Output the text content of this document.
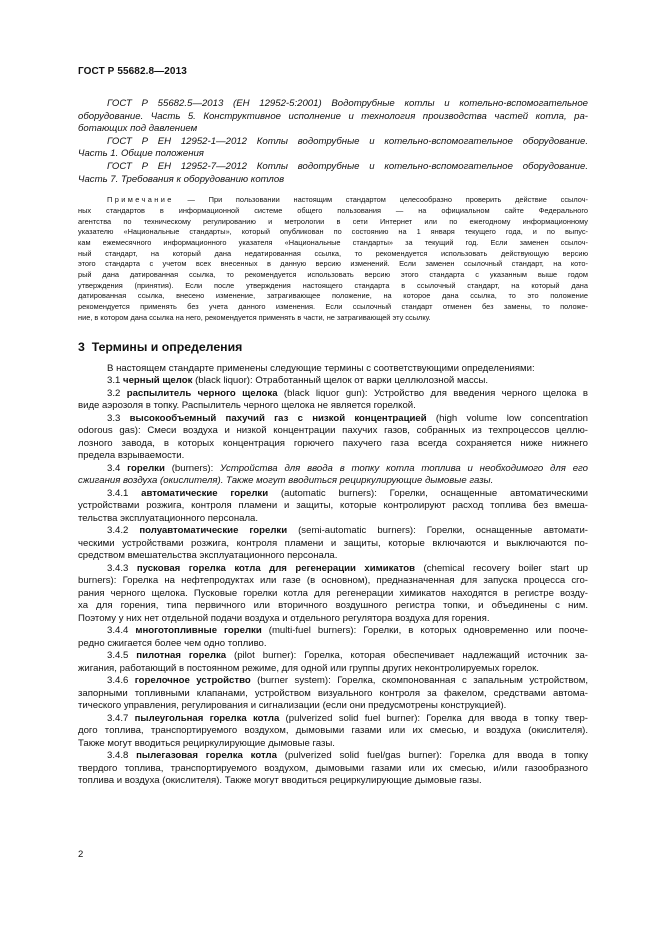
ГОСТ Р 55682.8—2013
ГОСТ Р 55682.5—2013 (ЕН 12952-5:2001) Водотрубные котлы и котельно-вспомогательное
оборудование. Часть 5. Конструктивное исполнение и технология производства частей котла, ра-
ботающих под давлением
ГОСТ Р ЕН 12952-1—2012 Котлы водотрубные и котельно-вспомогательное оборудование.
Часть 1. Общие положения
ГОСТ Р ЕН 12952-7—2012 Котлы водотрубные и котельно-вспомогательное оборудование.
Часть 7. Требования к оборудованию котлов
Примечание — При пользовании настоящим стандартом целесообразно проверить действие ссылоч-
ных стандартов в информационной системе общего пользования — на официальном сайте Федерального
агентства по техническому регулированию и метрологии в сети Интернет или по ежегодному информационному
указателю «Национальные стандарты», который опубликован по состоянию на 1 января текущего года, и по выпус-
кам ежемесячного информационного указателя «Национальные стандарты» за текущий год. Если заменен ссылоч-
ный стандарт, на который дана недатированная ссылка, то рекомендуется использовать действующую версию
этого стандарта с учетом всех внесенных в данную версию изменений. Если заменен ссылочный стандарт, на кото-
рый дана датированная ссылка, то рекомендуется использовать версию этого стандарта с указанным выше годом
утверждения (принятия). Если после утверждения настоящего стандарта в ссылочный стандарт, на который дана
датированная ссылка, внесено изменение, затрагивающее положение, на которое дана ссылка, то это положение
рекомендуется применять без учета данного изменения. Если ссылочный стандарт отменен без замены, то положе-
ние, в котором дана ссылка на него, рекомендуется применять в части, не затрагивающей эту ссылку.
3 Термины и определения
В настоящем стандарте применены следующие термины с соответствующими определениями:
3.1 черный щелок (black liquor): Отработанный щелок от варки целлюлозной массы.
3.2 распылитель черного щелока (black liquor gun): Устройство для введения черного щелока в
виде аэрозоля в топку. Распылитель черного щелока не является горелкой.
3.3 высокообъемный пахучий газ с низкой концентрацией (high volume low concentration
odorous gas): Смеси воздуха и низкой концентрации пахучих газов, собранных из техпроцессов целлю-
лозного завода, в которых концентрация горючего пахучего газа всегда сохраняется ниже нижнего
предела взрываемости.
3.4 горелки (burners): Устройства для ввода в топку котла топлива и необходимого для его
сжигания воздуха (окислителя). Также могут вводиться рециркулирующие дымовые газы.
3.4.1 автоматические горелки (automatic burners): Горелки, оснащенные автоматическими
устройствами розжига, контроля пламени и защиты, которые контролируют расход топлива без вмеша-
тельства эксплуатационного персонала.
3.4.2 полуавтоматические горелки (semi-automatic burners): Горелки, оснащенные автомати-
ческими устройствами розжига, контроля пламени и защиты, которые включаются и выключаются по-
средством вмешательства эксплуатационного персонала.
3.4.3 пусковая горелка котла для регенерации химикатов (chemical recovery boiler start up
burners): Горелка на нефтепродуктах или газе (в основном), предназначенная для запуска процесса сго-
рания черного щелока. Пусковые горелки котла для регенерации химикатов находятся в регистре возду-
ха для горения, типа первичного или вторичного воздушного регистра топки, и объединены с ним.
Поэтому у них нет отдельной подачи воздуха и отдельного регулятора воздуха для горения.
3.4.4 многотопливные горелки (multi-fuel burners): Горелки, в которых одновременно или пооче-
редно сжигается более чем одно топливо.
3.4.5 пилотная горелка (pilot burner): Горелка, которая обеспечивает надлежащий источник за-
жигания, работающий в постоянном режиме, для одной или группы других неконтролируемых горелок.
3.4.6 горелочное устройство (burner system): Горелка, скомпонованная с запальным устройством,
запорными топливными клапанами, устройством визуального контроля за факелом, средствами автома-
тического управления, регулирования и сигнализации (если они предусмотрены конструкцией).
3.4.7 пылеугольная горелка котла (pulverized solid fuel burner): Горелка для ввода в топку твер-
дого топлива, транспортируемого воздухом, дымовыми газами или их смесью, и воздуха (окислителя).
Также могут вводиться рециркулирующие дымовые газы.
3.4.8 пылегазовая горелка котла (pulverized solid fuel/gas burner): Горелка для ввода в топку
твердого топлива, транспортируемого воздухом, дымовыми газами или их смесью, и/или газообразного
топлива и воздуха (окислителя). Также могут вводиться рециркулирующие дымовые газы.
2
